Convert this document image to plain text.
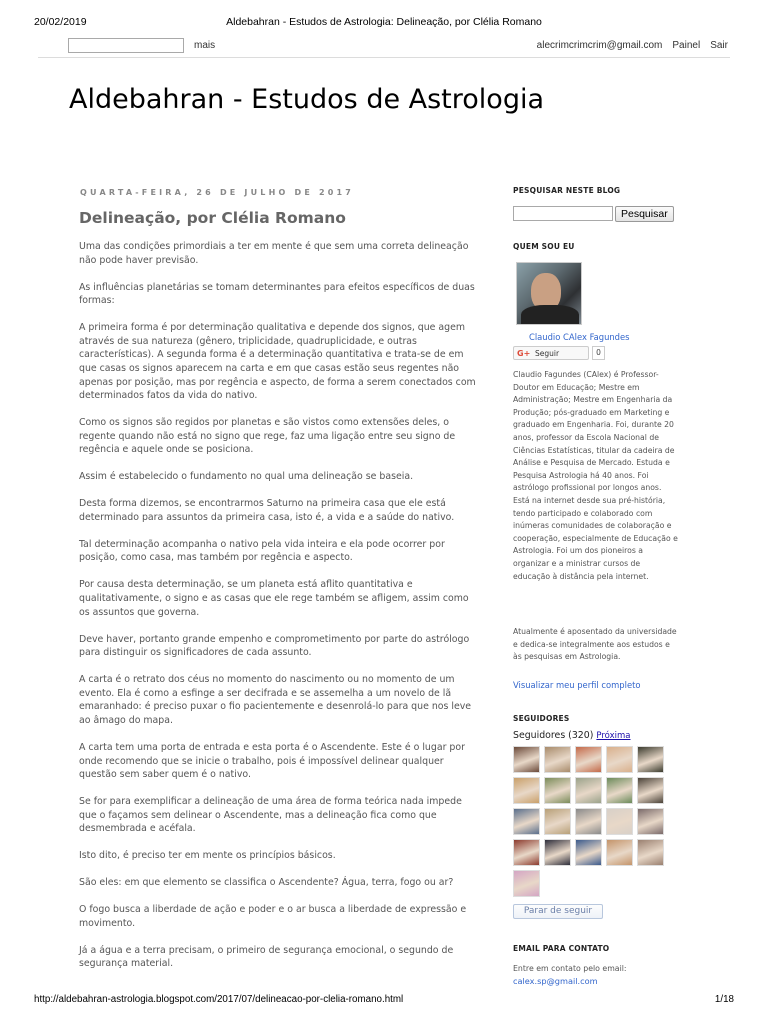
20/02/2019	Aldebahran - Estudos de Astrologia: Delineação, por Clélia Romano
mais	alecrimcrimcrim@gmail.com Painel Sair
Aldebahran - Estudos de Astrologia
QUARTA-FEIRA, 26 DE JULHO DE 2017
Delineação, por Clélia Romano

Uma das condições primordiais a ter em mente é que sem uma correta delineação não pode haver previsão.

As influências planetárias se tomam determinantes para efeitos específicos de duas formas:

A primeira forma é por determinação qualitativa e depende dos signos, que agem através de sua natureza (gênero, triplicidade, quadruplicidade, e outras características). A segunda forma é a determinação quantitativa e trata-se de em que casas os signos aparecem na carta e em que casas estão seus regentes não apenas por posição, mas por regência e aspecto, de forma a serem conectados com determinados fatos da vida do nativo.

Como os signos são regidos por planetas e são vistos como extensões deles, o regente quando não está no signo que rege, faz uma ligação entre seu signo de regência e aquele onde se posiciona.

Assim é estabelecido o fundamento no qual uma delineação se baseia.

Desta forma dizemos, se encontrarmos Saturno na primeira casa que ele está determinado para assuntos da primeira casa, isto é, a vida e a saúde do nativo.

Tal determinação acompanha o nativo pela vida inteira e ela pode ocorrer por posição, como casa, mas também por regência e aspecto.

Por causa desta determinação, se um planeta está aflito quantitativa e qualitativamente, o signo e as casas que ele rege também se afligem, assim como os assuntos que governa.

Deve haver, portanto grande empenho e comprometimento por parte do astrólogo para distinguir os significadores de cada assunto.

A carta é o retrato dos céus no momento do nascimento ou no momento de um evento. Ela é como a esfinge a ser decifrada e se assemelha a um novelo de lã emaranhado: é preciso puxar o fio pacientemente e desenrolá-lo para que nos leve ao âmago do mapa.

A carta tem uma porta de entrada e esta porta é o Ascendente. Este é o lugar por onde recomendo que se inicie o trabalho, pois é impossível delinear qualquer questão sem saber quem é o nativo.

Se for para exemplificar a delineação de uma área de forma teórica nada impede que o façamos sem delinear o Ascendente, mas a delineação fica como que desmembrada e acéfala.

Isto dito, é preciso ter em mente os princípios básicos.

São eles: em que elemento se classifica o Ascendente? Água, terra, fogo ou ar?

O fogo busca a liberdade de ação e poder e o ar busca a liberdade de expressão e movimento.

Já a água e a terra precisam, o primeiro de segurança emocional, o segundo de segurança material.

PESQUISAR NESTE BLOG
Pesquisar
QUEM SOU EU
Claudio CAlex Fagundes
G+ Seguir	0
Claudio Fagundes (CAlex) é Professor-Doutor em Educação; Mestre em Administração; Mestre em Engenharia da Produção; pós-graduado em Marketing e graduado em Engenharia. Foi, durante 20 anos, professor da Escola Nacional de Ciências Estatísticas, titular da cadeira de Análise e Pesquisa de Mercado. Estuda e Pesquisa Astrologia há 40 anos. Foi astrólogo profissional por longos anos. Está na internet desde sua pré-história, tendo participado e colaborado com inúmeras comunidades de colaboração e cooperação, especialmente de Educação e Astrologia. Foi um dos pioneiros a organizar e a ministrar cursos de educação à distância pela internet.
Atualmente é aposentado da universidade e dedica-se integralmente aos estudos e às pesquisas em Astrologia.
Visualizar meu perfil completo
SEGUIDORES
Seguidores (320) Próxima
Parar de seguir
EMAIL PARA CONTATO
Entre em contato pelo email:
calex.sp@gmail.com
http://aldebahran-astrologia.blogspot.com/2017/07/delineacao-por-clelia-romano.html	1/18
